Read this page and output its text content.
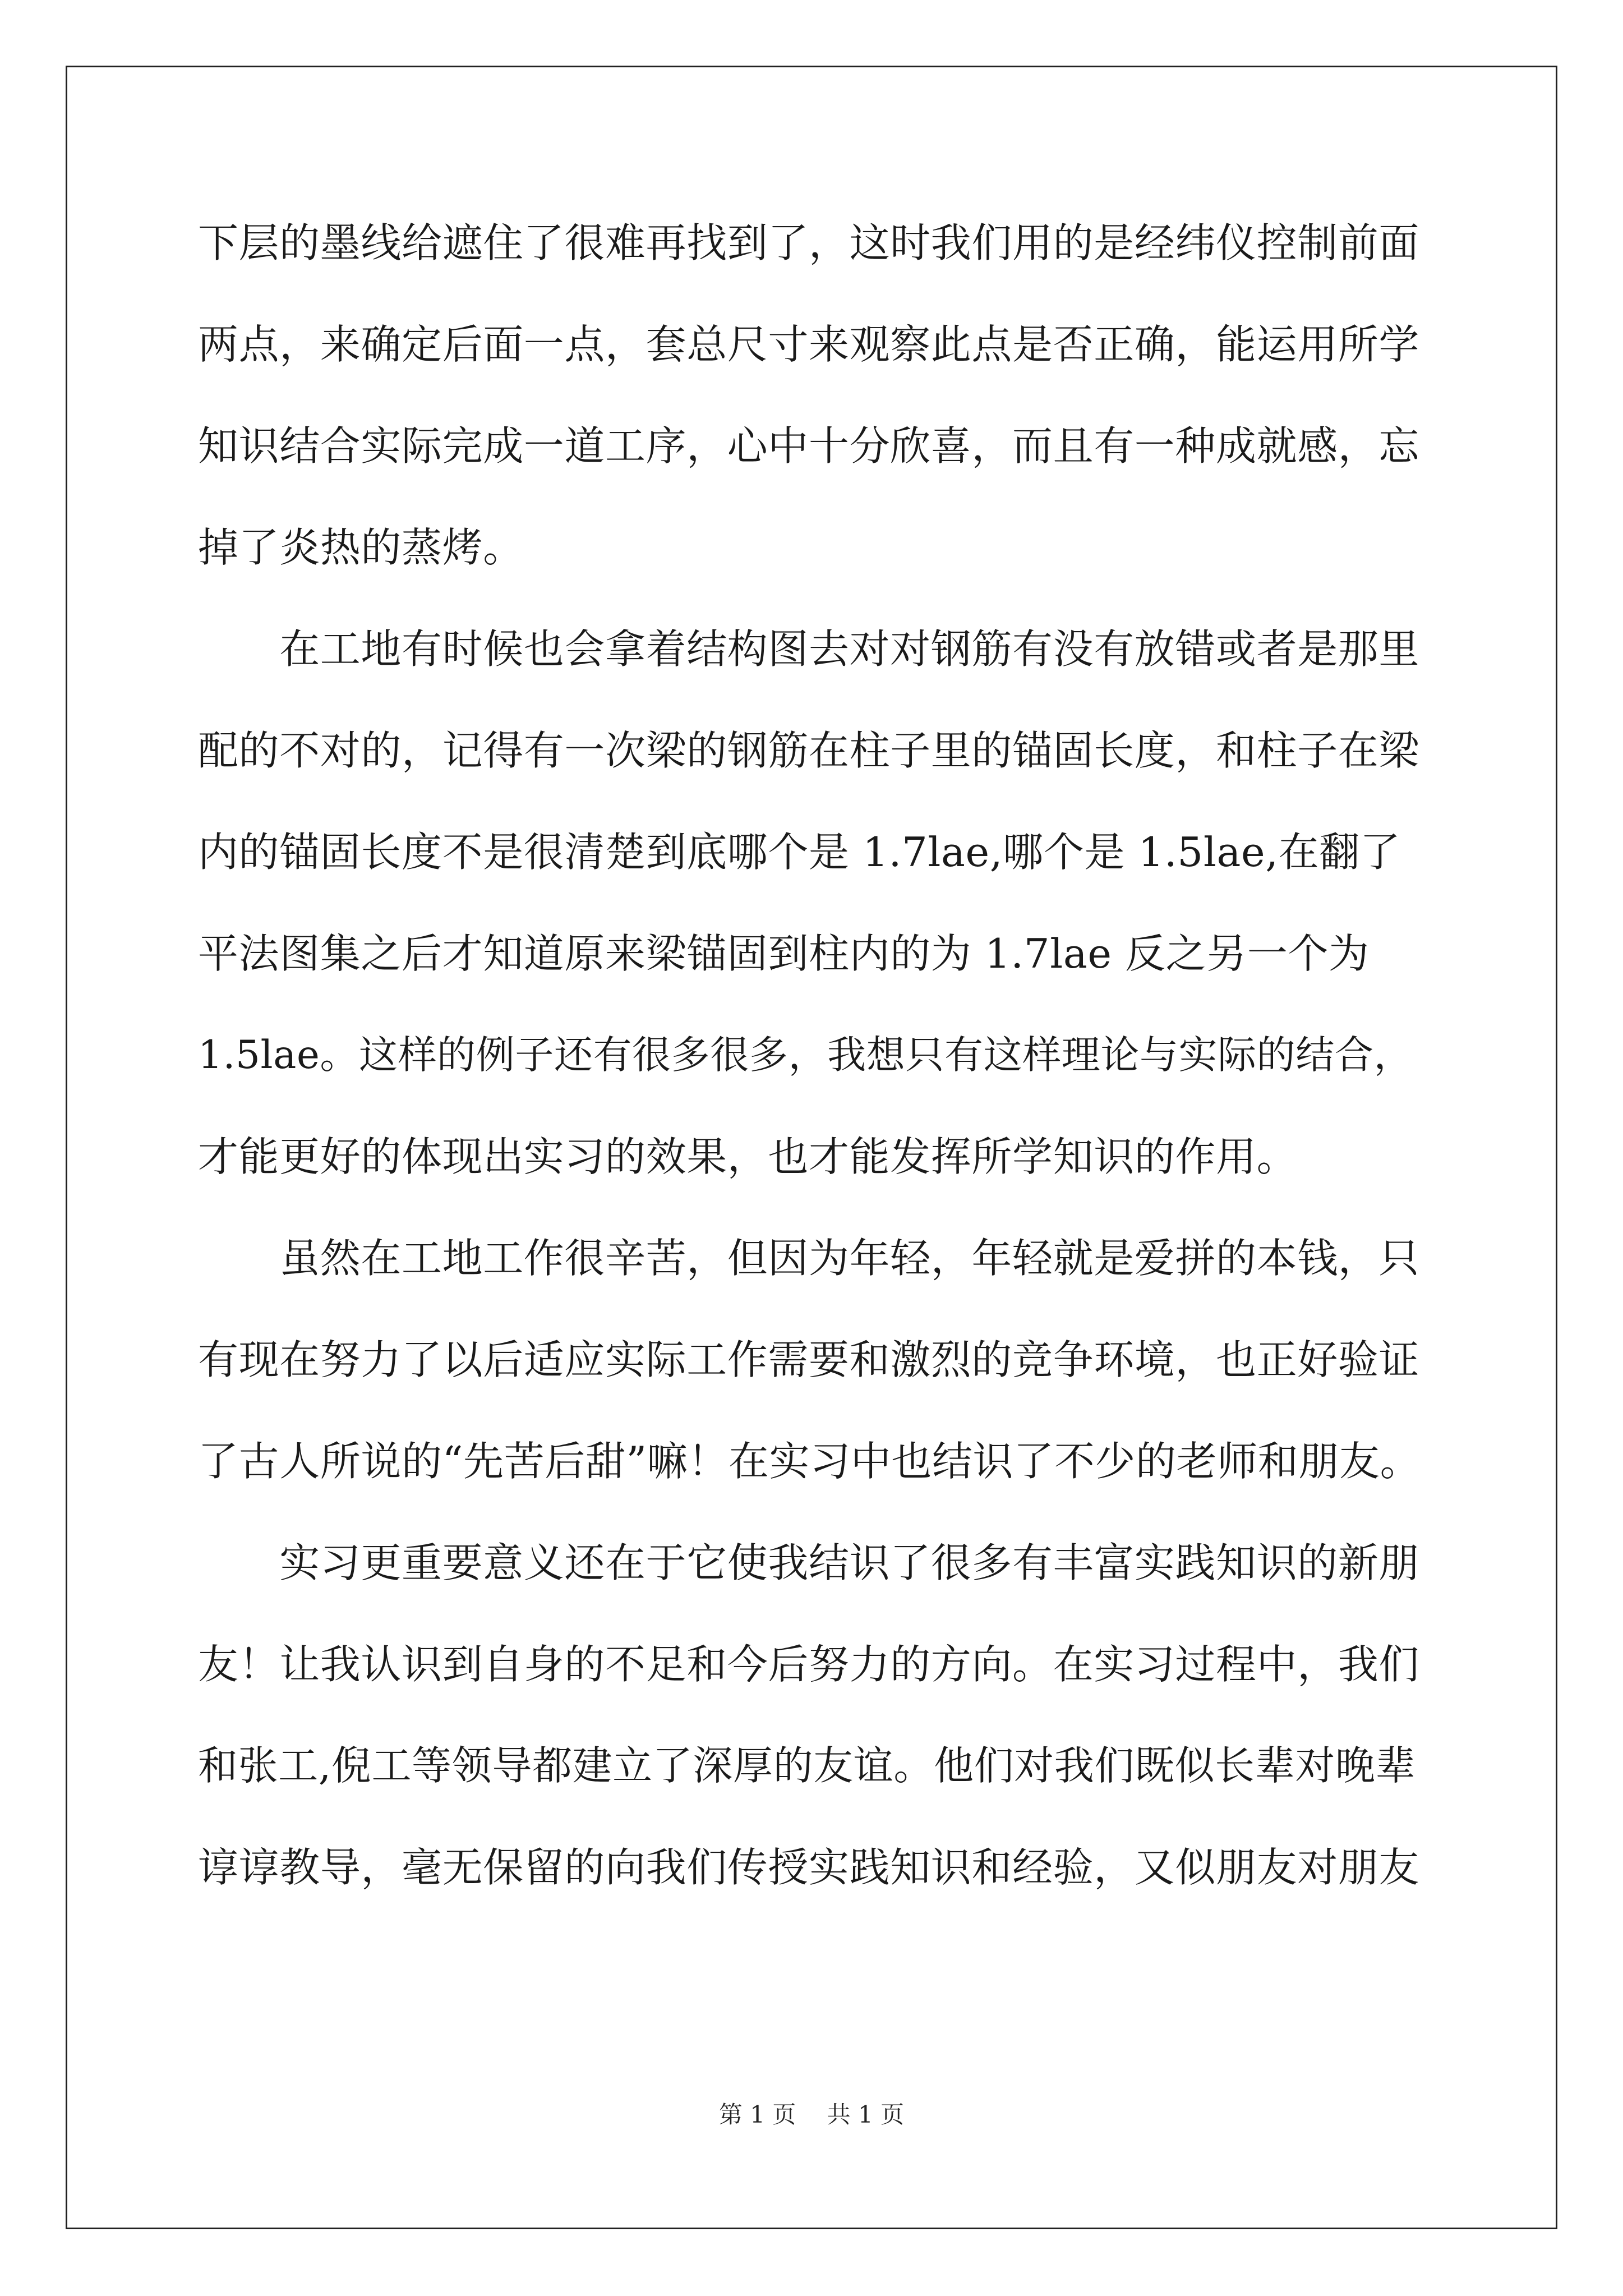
下层的墨线给遮住了很难再找到了，这时我们用的是经纬仪控制前面
两点，来确定后面一点，套总尺寸来观察此点是否正确，能运用所学
知识结合实际完成一道工序，心中十分欣喜，而且有一种成就感，忘
掉了炎热的蒸烤。
　　在工地有时候也会拿着结构图去对对钢筋有没有放错或者是那里
配的不对的，记得有一次梁的钢筋在柱子里的锚固长度，和柱子在梁
内的锚固长度不是很清楚到底哪个是 1.7lae,哪个是 1.5lae,在翻了
平法图集之后才知道原来梁锚固到柱内的为 1.7lae 反之另一个为
1.5lae。这样的例子还有很多很多，我想只有这样理论与实际的结合，
才能更好的体现出实习的效果，也才能发挥所学知识的作用。
　　虽然在工地工作很辛苦，但因为年轻，年轻就是爱拼的本钱，只
有现在努力了以后适应实际工作需要和激烈的竞争环境，也正好验证
了古人所说的“先苦后甜”嘛！在实习中也结识了不少的老师和朋友。
　　实习更重要意义还在于它使我结识了很多有丰富实践知识的新朋
友！让我认识到自身的不足和今后努力的方向。在实习过程中，我们
和张工,倪工等领导都建立了深厚的友谊。他们对我们既似长辈对晚辈
谆谆教导，毫无保留的向我们传授实践知识和经验，又似朋友对朋友
第 1 页　 共 1 页
